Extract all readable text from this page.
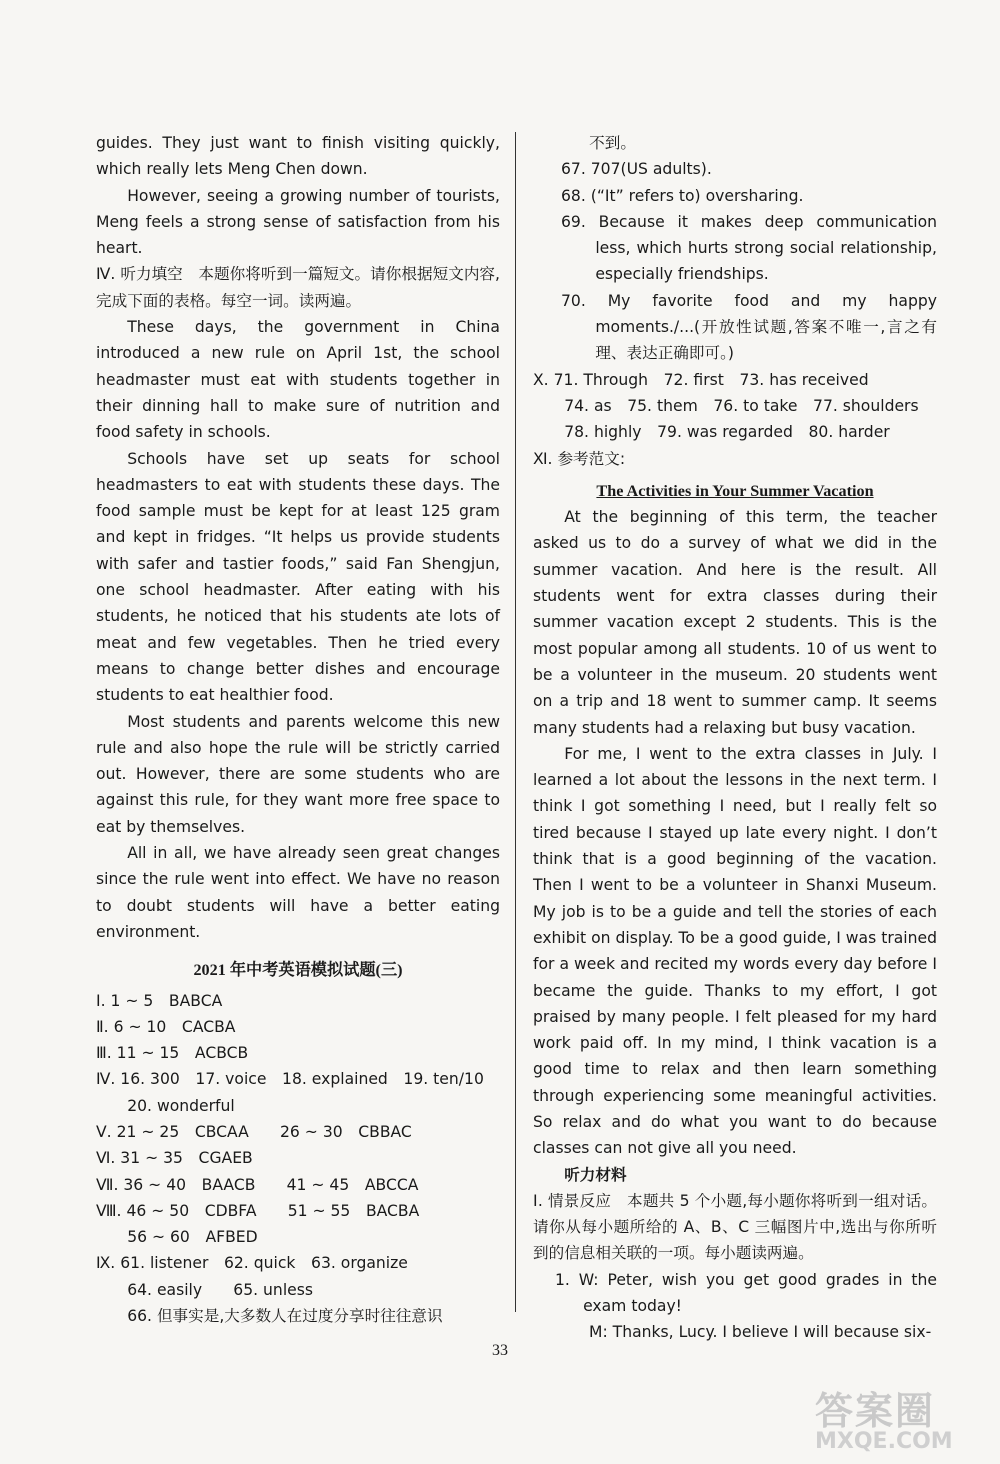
guides. They just want to finish visiting quickly, which really lets Meng Chen down.

However, seeing a growing number of tourists, Meng feels a strong sense of satisfaction from his heart.

Ⅳ. 听力填空　本题你将听到一篇短文。请你根据短文内容,完成下面的表格。每空一词。读两遍。

These days, the government in China introduced a new rule on April 1st, the school headmaster must eat with students together in their dinning hall to make sure of nutrition and food safety in schools.

Schools have set up seats for school headmasters to eat with students these days. The food sample must be kept for at least 125 gram and kept in fridges. “It helps us provide students with safer and tastier foods,” said Fan Shengjun, one school headmaster. After eating with his students, he noticed that his students ate lots of meat and few vegetables. Then he tried every means to change better dishes and encourage students to eat healthier food.

Most students and parents welcome this new rule and also hope the rule will be strictly carried out. However, there are some students who are against this rule, for they want more free space to eat by themselves.

All in all, we have already seen great changes since the rule went into effect. We have no reason to doubt students will have a better eating environment.

2021 年中考英语模拟试题(三)

Ⅰ. 1 ~ 5　BABCA

Ⅱ. 6 ~ 10　CACBA

Ⅲ. 11 ~ 15　ACBCB

Ⅳ. 16. 300　17. voice　18. explained　19. ten/10

　　20. wonderful

Ⅴ. 21 ~ 25　CBCAA　　26 ~ 30　CBBAC

Ⅵ. 31 ~ 35　CGAEB

Ⅶ. 36 ~ 40　BAACB　　41 ~ 45　ABCCA

Ⅷ. 46 ~ 50　CDBFA　　51 ~ 55　BACBA

　　56 ~ 60　AFBED

Ⅸ. 61. listener　62. quick　63. organize

　　64. easily　　65. unless

66. 但事实是,大多数人在过度分享时往往意识

不到。

67. 707(US adults).

68. (“It” refers to) oversharing.

69. Because it makes deep communication less, which hurts strong social relationship, especially friendships.

70. My favorite food and my happy moments./...(开放性试题,答案不唯一,言之有理、表达正确即可。)

Ⅹ. 71. Through　72. first　73. has received

　　74. as　75. them　76. to take　77. shoulders

　　78. highly　79. was regarded　80. harder

Ⅺ. 参考范文:

The Activities in Your Summer Vacation

At the beginning of this term, the teacher asked us to do a survey of what we did in the summer vacation. And here is the result. All students went for extra classes during their summer vacation except 2 students. This is the most popular among all students. 10 of us went to be a volunteer in the museum. 20 students went on a trip and 18 went to summer camp. It seems many students had a relaxing but busy vacation.

For me, I went to the extra classes in July. I learned a lot about the lessons in the next term. I think I got something I need, but I really felt so tired because I stayed up late every night. I don’t think that is a good beginning of the vacation. Then I went to be a volunteer in Shanxi Museum. My job is to be a guide and tell the stories of each exhibit on display. To be a good guide, I was trained for a week and recited my words every day before I became the guide. Thanks to my effort, I got praised by many people. I felt pleased for my hard work paid off. In my mind, I think vacation is a good time to relax and then learn something through experiencing some meaningful activities. So relax and do what you want to do because classes can not give all you need.

听力材料

Ⅰ. 情景反应　本题共 5 个小题,每小题你将听到一组对话。请你从每小题所给的 A、B、C 三幅图片中,选出与你所听到的信息相关联的一项。每小题读两遍。

1. W: Peter, wish you get good grades in the exam today!

M: Thanks, Lucy. I believe I will because six-

33
答案圈
MXQE.COM
